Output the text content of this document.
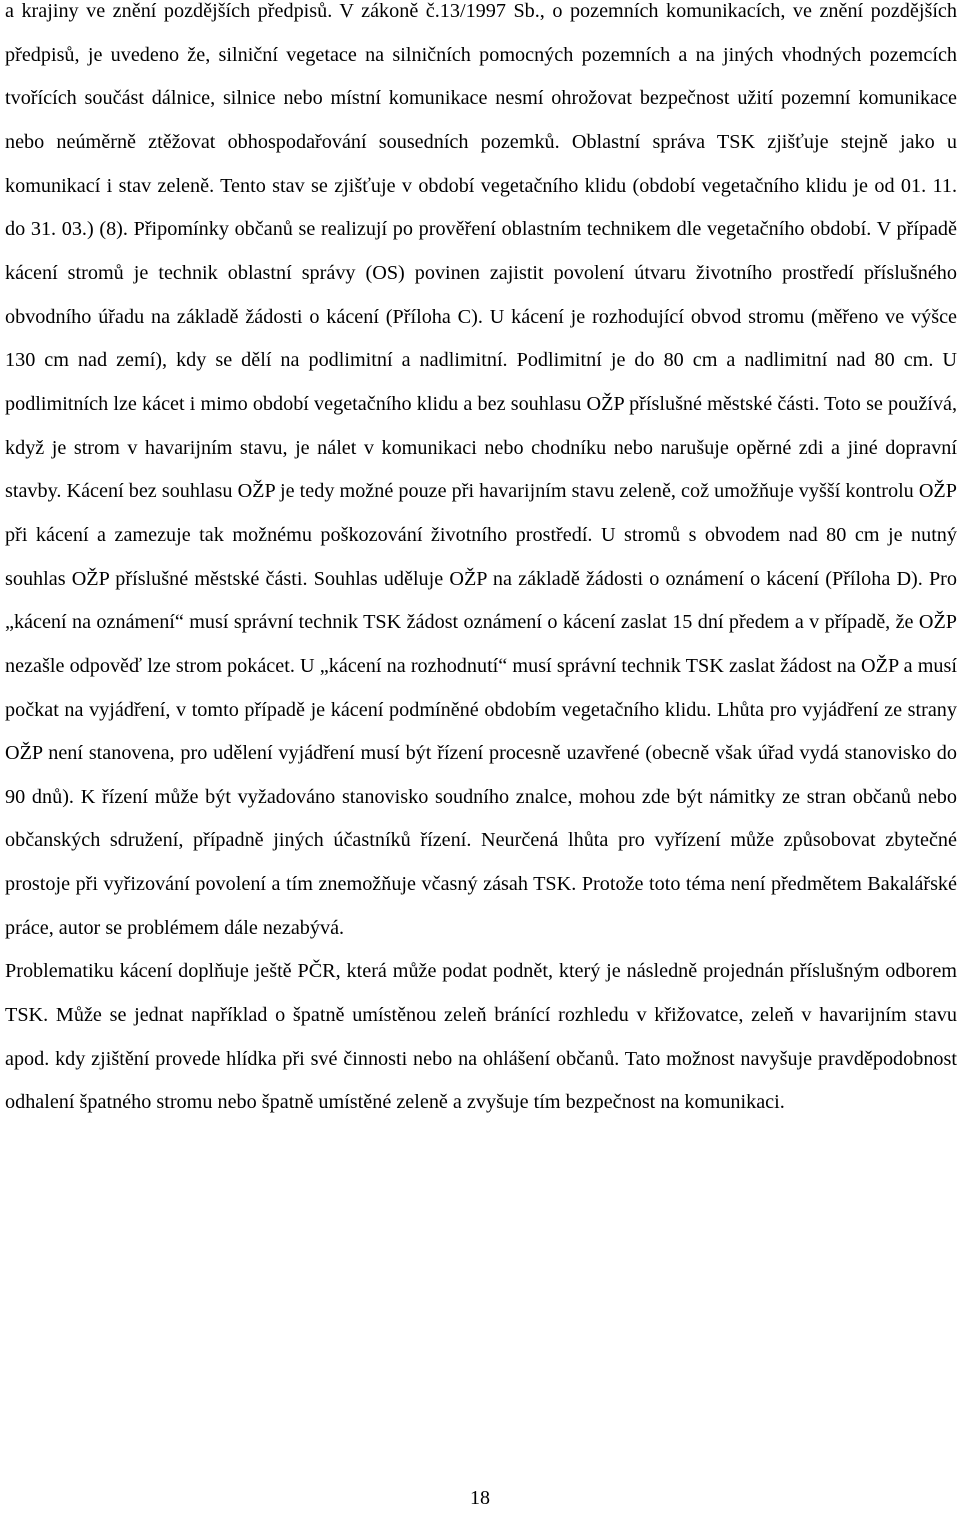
a krajiny ve znění pozdějších předpisů. V zákoně č.13/1997 Sb., o pozemních komunikacích, ve znění pozdějších předpisů, je uvedeno že, silniční vegetace na silničních pomocných pozemních a na jiných vhodných pozemcích tvořících součást dálnice, silnice nebo místní komunikace nesmí ohrožovat bezpečnost užití pozemní komunikace nebo neúměrně ztěžovat obhospodařování sousedních pozemků. Oblastní správa TSK zjišťuje stejně jako u komunikací i stav zeleně. Tento stav se zjišťuje v období vegetačního klidu (období vegetačního klidu je od 01. 11. do 31. 03.) (8). Připomínky občanů se realizují po prověření oblastním technikem dle vegetačního období. V případě kácení stromů je technik oblastní správy (OS) povinen zajistit povolení útvaru životního prostředí příslušného obvodního úřadu na základě žádosti o kácení (Příloha C). U kácení je rozhodující obvod stromu (měřeno ve výšce 130 cm nad zemí), kdy se dělí na podlimitní a nadlimitní. Podlimitní je do 80 cm a nadlimitní nad 80 cm. U podlimitních lze kácet i mimo období vegetačního klidu a bez souhlasu OŽP příslušné městské části. Toto se používá, když je strom v havarijním stavu, je nálet v komunikaci nebo chodníku nebo narušuje opěrné zdi a jiné dopravní stavby. Kácení bez souhlasu OŽP je tedy možné pouze při havarijním stavu zeleně, což umožňuje vyšší kontrolu OŽP při kácení a zamezuje tak možnému poškozování životního prostředí. U stromů s obvodem nad 80 cm je nutný souhlas OŽP příslušné městské části. Souhlas uděluje OŽP na základě žádosti o oznámení o kácení (Příloha D). Pro „kácení na oznámení“ musí správní technik TSK žádost oznámení o kácení zaslat 15 dní předem a v případě, že OŽP nezašle odpověď lze strom pokácet. U „kácení na rozhodnutí“ musí správní technik TSK zaslat žádost na OŽP a musí počkat na vyjádření, v tomto případě je kácení podmíněné obdobím vegetačního klidu. Lhůta pro vyjádření ze strany OŽP není stanovena, pro udělení vyjádření musí být řízení procesně uzavřené (obecně však úřad vydá stanovisko do 90 dnů). K řízení může být vyžadováno stanovisko soudního znalce, mohou zde být námitky ze stran občanů nebo občanských sdružení, případně jiných účastníků řízení. Neurčená lhůta pro vyřízení může způsobovat zbytečné prostoje při vyřizování povolení a tím znemožňuje včasný zásah TSK. Protože toto téma není předmětem Bakalářské práce, autor se problémem dále nezabývá.

Problematiku kácení doplňuje ještě PČR, která může podat podnět, který je následně projednán příslušným odborem TSK. Může se jednat například o špatně umístěnou zeleň bránící rozhledu v křižovatce, zeleň v havarijním stavu apod. kdy zjištění provede hlídka při své činnosti nebo na ohlášení občanů. Tato možnost navyšuje pravděpodobnost odhalení špatného stromu nebo špatně umístěné zeleně a zvyšuje tím bezpečnost na komunikaci.

18
